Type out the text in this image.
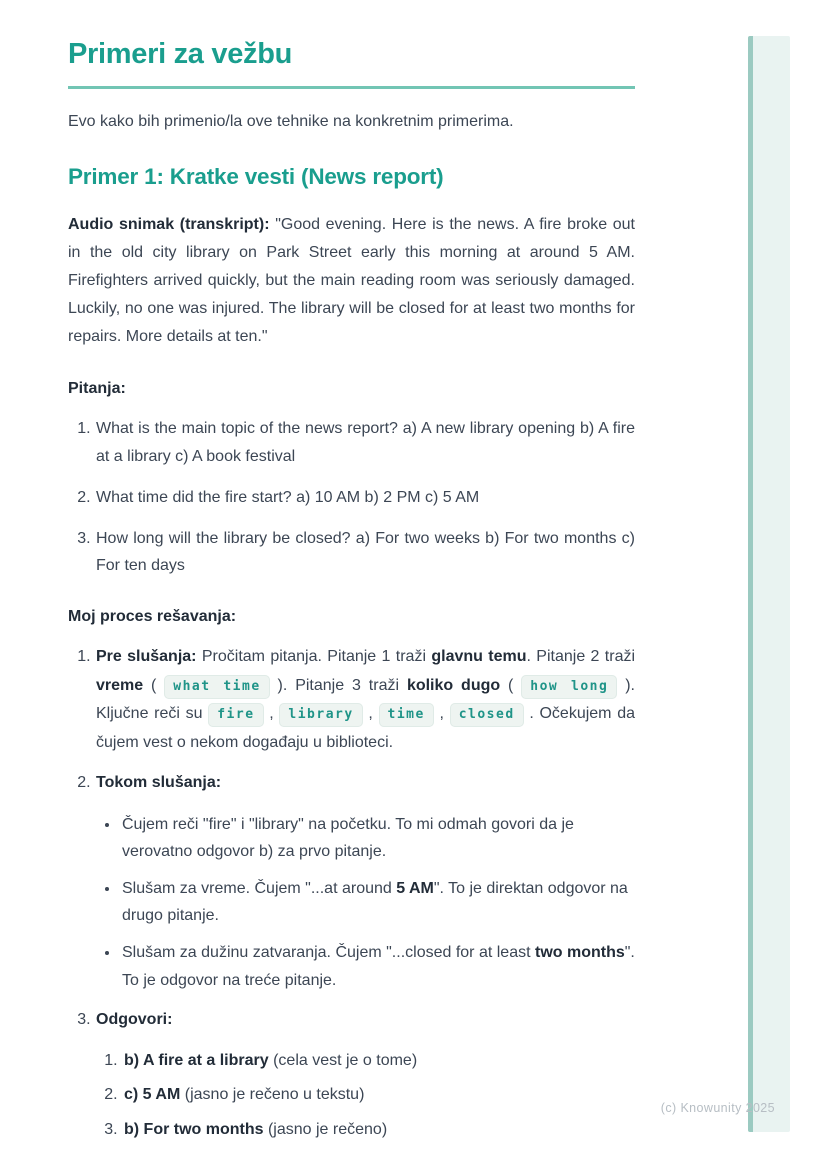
Primeri za vežbu

Evo kako bih primenio/la ove tehnike na konkretnim primerima.

Primer 1: Kratke vesti (News report)

Audio snimak (transkript): "Good evening. Here is the news. A fire broke out in the old city library on Park Street early this morning at around 5 AM. Firefighters arrived quickly, but the main reading room was seriously damaged. Luckily, no one was injured. The library will be closed for at least two months for repairs. More details at ten."

Pitanja:

1. What is the main topic of the news report? a) A new library opening b) A fire at a library c) A book festival
2. What time did the fire start? a) 10 AM b) 2 PM c) 5 AM
3. How long will the library be closed? a) For two weeks b) For two months c) For ten days

Moj proces rešavanja:

1. Pre slušanja: Pročitam pitanja. Pitanje 1 traži glavnu temu. Pitanje 2 traži vreme ( what time ). Pitanje 3 traži koliko dugo ( how long ). Ključne reči su fire , library , time , closed . Očekujem da čujem vest o nekom događaju u biblioteci.

2. Tokom slušanja:

• Čujem reči "fire" i "library" na početku. To mi odmah govori da je verovatno odgovor b) za prvo pitanje.
• Slušam za vreme. Čujem "...at around 5 AM". To je direktan odgovor na drugo pitanje.
• Slušam za dužinu zatvaranja. Čujem "...closed for at least two months". To je odgovor na treće pitanje.

3. Odgovori:

1. b) A fire at a library (cela vest je o tome)
2. c) 5 AM (jasno je rečeno u tekstu)
3. b) For two months (jasno je rečeno)
(c) Knowunity 2025
